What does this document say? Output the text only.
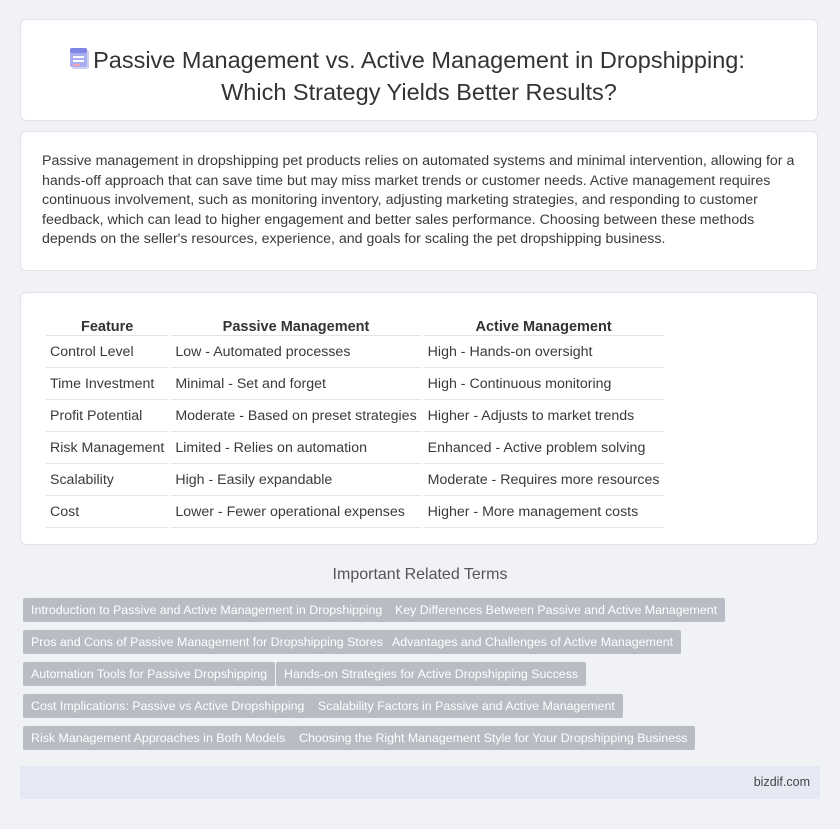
Passive Management vs. Active Management in Dropshipping:
Which Strategy Yields Better Results?
Passive management in dropshipping pet products relies on automated systems and minimal intervention, allowing for a hands-off approach that can save time but may miss market trends or customer needs. Active management requires continuous involvement, such as monitoring inventory, adjusting marketing strategies, and responding to customer feedback, which can lead to higher engagement and better sales performance. Choosing between these methods depends on the seller's resources, experience, and goals for scaling the pet dropshipping business.
Feature	Passive Management	Active Management
Control Level	Low - Automated processes	High - Hands-on oversight
Time Investment	Minimal - Set and forget	High - Continuous monitoring
Profit Potential	Moderate - Based on preset strategies	Higher - Adjusts to market trends
Risk Management	Limited - Relies on automation	Enhanced - Active problem solving
Scalability	High - Easily expandable	Moderate - Requires more resources
Cost	Lower - Fewer operational expenses	Higher - More management costs
Important Related Terms
Introduction to Passive and Active Management in Dropshipping	Key Differences Between Passive and Active Management
Pros and Cons of Passive Management for Dropshipping Stores Advantages and Challenges of Active Management
Automation Tools for Passive Dropshipping	Hands-on Strategies for Active Dropshipping Success
Cost Implications: Passive vs Active Dropshipping	Scalability Factors in Passive and Active Management
Risk Management Approaches in Both Models	Choosing the Right Management Style for Your Dropshipping Business
bizdif.com
